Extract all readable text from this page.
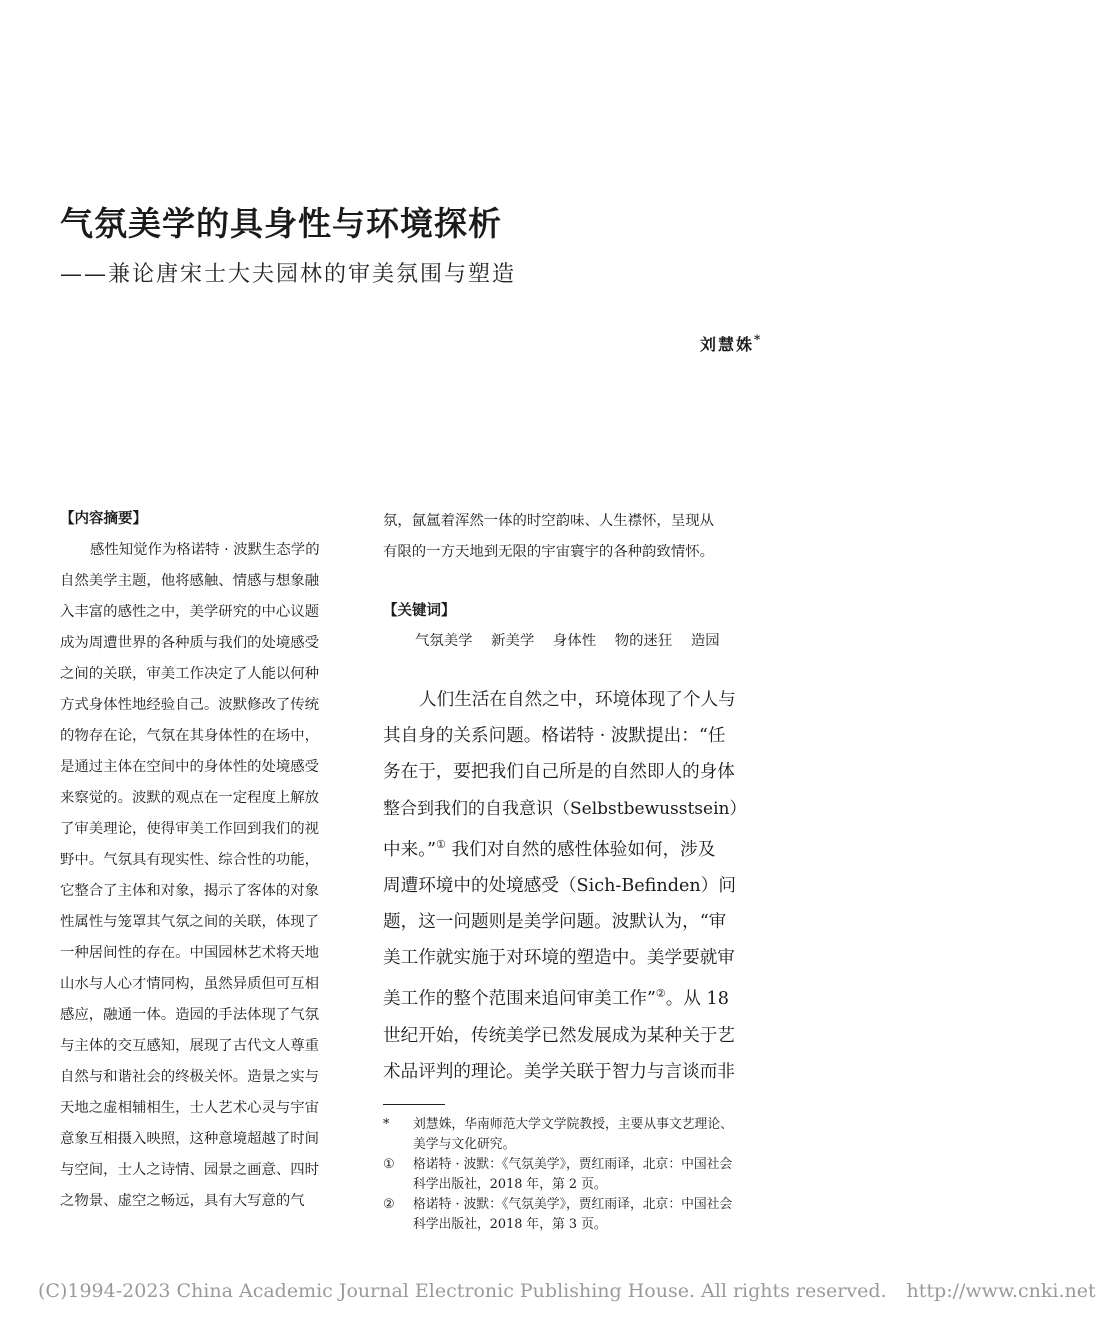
气氛美学的具身性与环境探析
——兼论唐宋士大夫园林的审美氛围与塑造
刘慧姝*

【内容摘要】

感性知觉作为格诺特 · 波默生态学的

自然美学主题，他将感触、情感与想象融

入丰富的感性之中，美学研究的中心议题

成为周遭世界的各种质与我们的处境感受

之间的关联，审美工作决定了人能以何种

方式身体性地经验自己。波默修改了传统

的物存在论，气氛在其身体性的在场中，

是通过主体在空间中的身体性的处境感受

来察觉的。波默的观点在一定程度上解放

了审美理论，使得审美工作回到我们的视

野中。气氛具有现实性、综合性的功能，

它整合了主体和对象，揭示了客体的对象

性属性与笼罩其气氛之间的关联，体现了

一种居间性的存在。中国园林艺术将天地

山水与人心才情同构，虽然异质但可互相

感应，融通一体。造园的手法体现了气氛

与主体的交互感知，展现了古代文人尊重

自然与和谐社会的终极关怀。造景之实与

天地之虚相辅相生，士人艺术心灵与宇宙

意象互相摄入映照，这种意境超越了时间

与空间，士人之诗情、园景之画意、四时

之物景、虚空之畅远，具有大写意的气

氛，氤氲着浑然一体的时空韵味、人生襟怀，呈现从

有限的一方天地到无限的宇宙寰宇的各种韵致情怀。

【关键词】

气氛美学 新美学 身体性 物的迷狂 造园

人们生活在自然之中，环境体现了个人与

其自身的关系问题。格诺特 · 波默提出：“任

务在于，要把我们自己所是的自然即人的身体

整合到我们的自我意识（Selbstbewusstsein）

中来。”① 我们对自然的感性体验如何，涉及

周遭环境中的处境感受（Sich-Befinden）问

题，这一问题则是美学问题。波默认为，“审

美工作就实施于对环境的塑造中。美学要就审

美工作的整个范围来追问审美工作”②。从 18

世纪开始，传统美学已然发展成为某种关于艺

术品评判的理论。美学关联于智力与言谈而非

* 刘慧姝，华南师范大学文学院教授，主要从事文艺理论、

美学与文化研究。

① 格诺特 · 波默：《气氛美学》，贾红雨译，北京：中国社会

科学出版社，2018 年，第 2 页。

② 格诺特 · 波默：《气氛美学》，贾红雨译，北京：中国社会

科学出版社，2018 年，第 3 页。

(C)1994-2023 China Academic Journal Electronic Publishing House. All rights reserved. http://www.cnki.net
